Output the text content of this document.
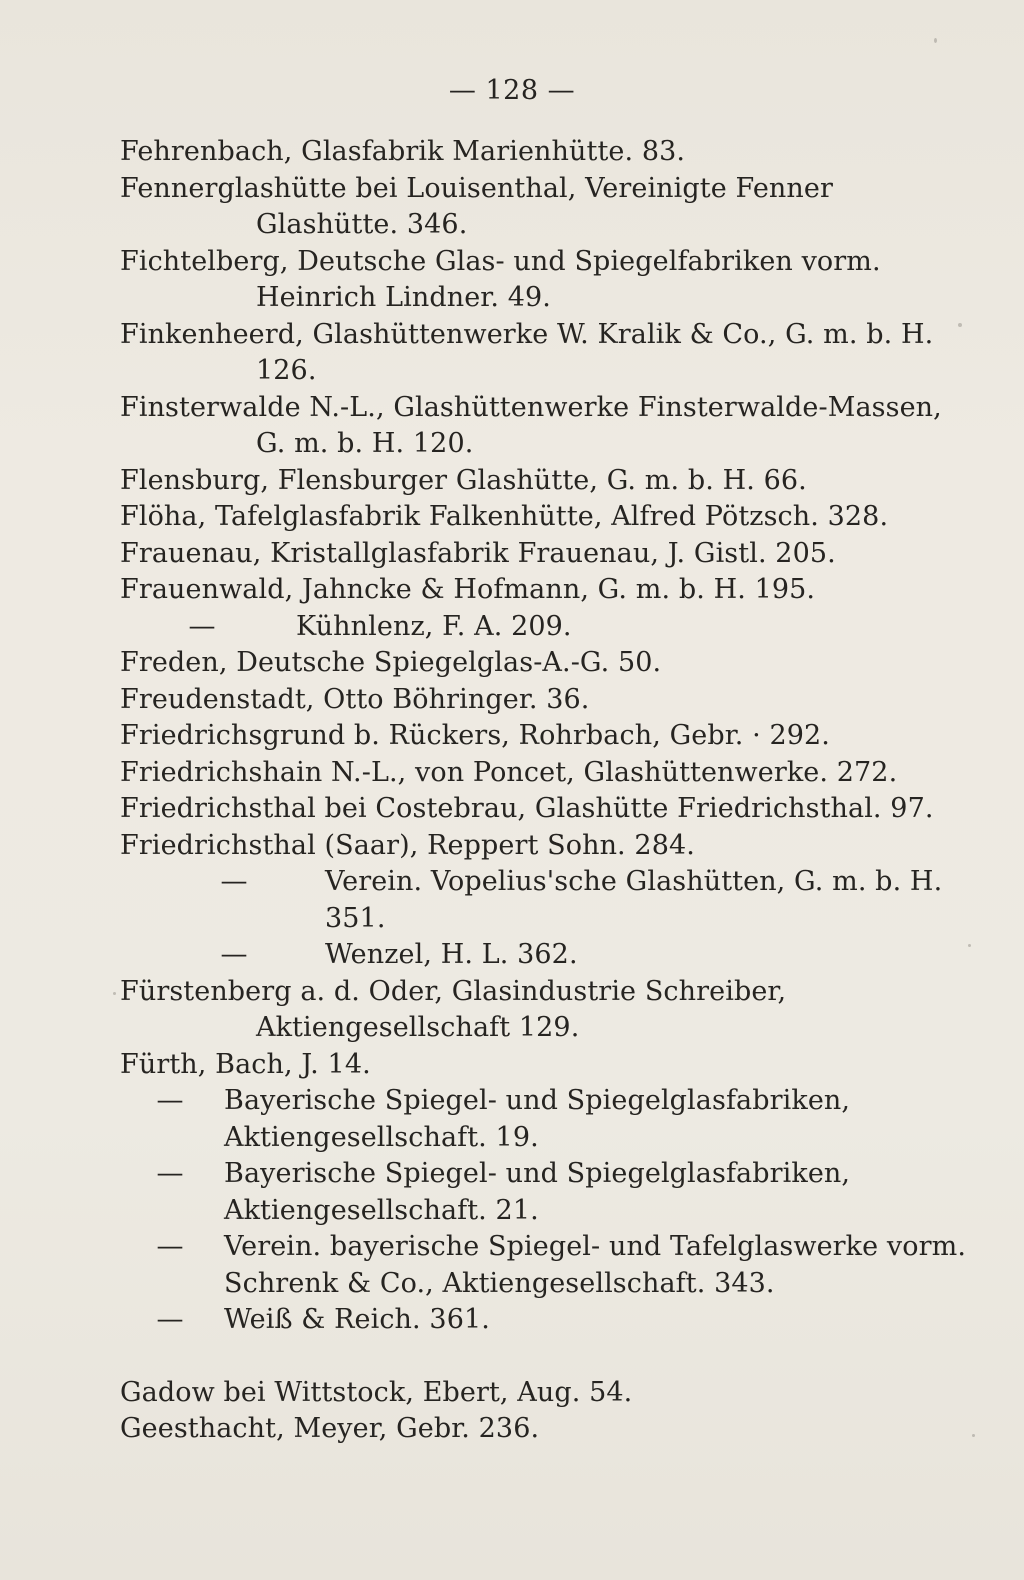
— 128 —

Fehrenbach, Glasfabrik Marienhütte. 83.

Fennerglashütte bei Louisenthal, Vereinigte Fenner Glashütte. 346.

Fichtelberg, Deutsche Glas- und Spiegelfabriken vorm. Heinrich Lindner. 49.

Finkenheerd, Glashüttenwerke W. Kralik & Co., G. m. b. H. 126.

Finsterwalde N.-L., Glashüttenwerke Finsterwalde-Massen, G. m. b. H. 120.

Flensburg, Flensburger Glashütte, G. m. b. H. 66.

Flöha, Tafelglasfabrik Falkenhütte, Alfred Pötzsch. 328.

Frauenau, Kristallglasfabrik Frauenau, J. Gistl. 205.

Frauenwald, Jahncke & Hofmann, G. m. b. H. 195.

—	Kühnlenz, F. A. 209.

Freden, Deutsche Spiegelglas-A.-G. 50.

Freudenstadt, Otto Böhringer. 36.

Friedrichsgrund b. Rückers, Rohrbach, Gebr. · 292.

Friedrichshain N.-L., von Poncet, Glashüttenwerke. 272.

Friedrichsthal bei Costebrau, Glashütte Friedrichsthal. 97.

Friedrichsthal (Saar), Reppert Sohn. 284.

—	Verein. Vopelius'sche Glashütten, G. m. b. H. 351.

—	Wenzel, H. L. 362.

Fürstenberg a. d. Oder, Glasindustrie Schreiber, Aktiengesellschaft 129.

Fürth, Bach, J. 14.

—	Bayerische Spiegel- und Spiegelglasfabriken, Aktiengesellschaft. 19.

—	Bayerische Spiegel- und Spiegelglasfabriken, Aktiengesellschaft. 21.

—	Verein. bayerische Spiegel- und Tafelglaswerke vorm. Schrenk & Co., Aktiengesellschaft. 343.

—	Weiß & Reich. 361.

Gadow bei Wittstock, Ebert, Aug. 54.

Geesthacht, Meyer, Gebr. 236.
